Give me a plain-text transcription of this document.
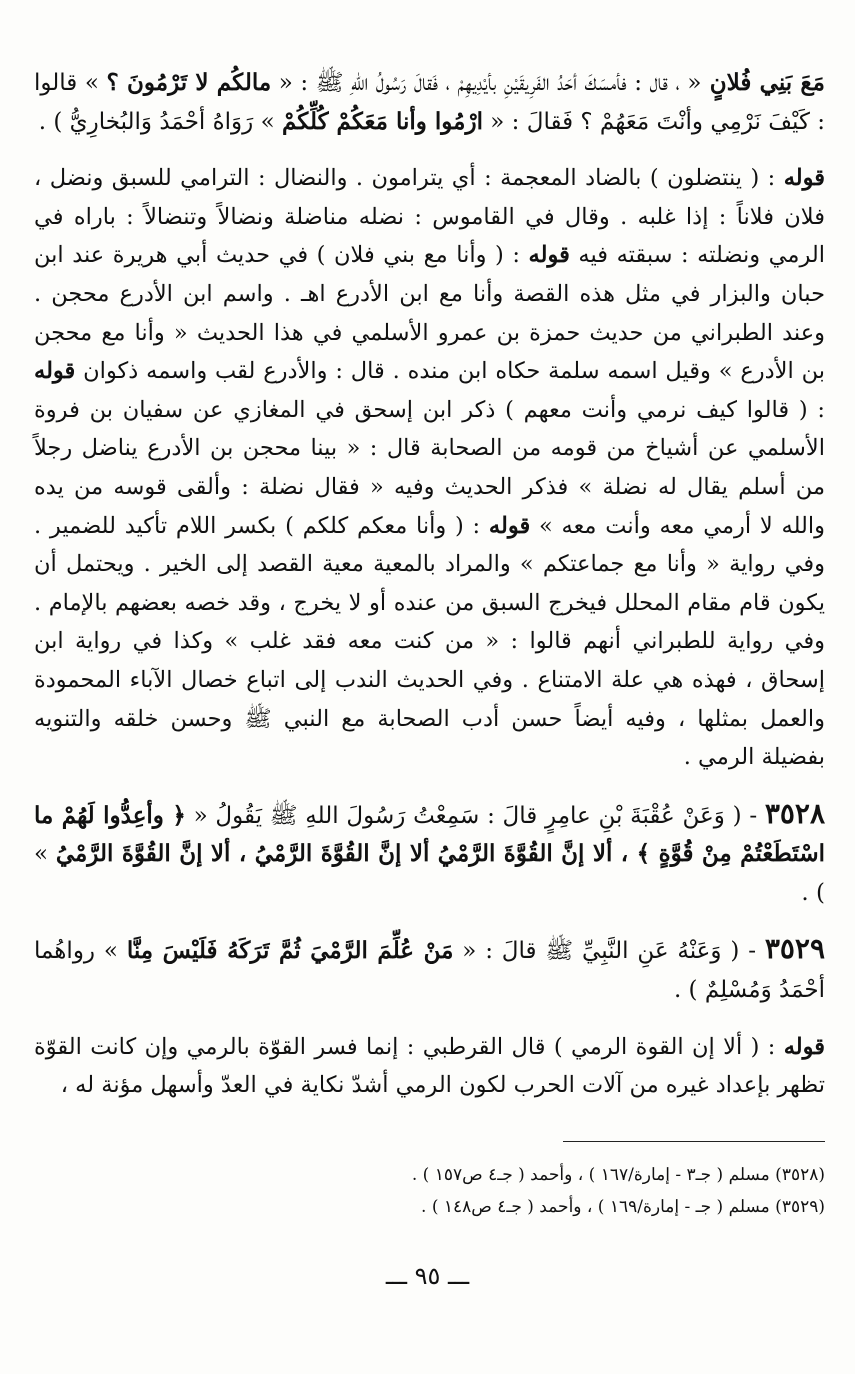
مَعَ بَنِي فُلانٍ « ، قال : فأمسَكَ أحَدُ الفَرِيقَيْنِ بأيْدِيهِمْ ، فَقالَ رَسُولُ اللهِ ﷺ : « مالكُم لا تَرْمُونَ ؟ » قالوا : كَيْفَ نَرْمِي وأنْتَ مَعَهُمْ ؟ فَقالَ : « ارْمُوا وأنا مَعَكُمْ كُلِّكُمْ » رَوَاهُ أحْمَدُ وَالبُخارِيُّ ) .

قوله : ( ينتضلون ) بالضاد المعجمة : أي يترامون . والنضال : الترامي للسبق ونضل ، فلان فلاناً : إذا غلبه . وقال في القاموس : نضله مناضلة ونضالاً وتنضالاً : باراه في الرمي ونضلته : سبقته فيه قوله : ( وأنا مع بني فلان ) في حديث أبي هريرة عند ابن حبان والبزار في مثل هذه القصة وأنا مع ابن الأدرع اهـ . واسم ابن الأدرع محجن . وعند الطبراني من حديث حمزة بن عمرو الأسلمي في هذا الحديث « وأنا مع محجن بن الأدرع » وقيل اسمه سلمة حكاه ابن منده . قال : والأدرع لقب واسمه ذكوان قوله : ( قالوا كيف نرمي وأنت معهم ) ذكر ابن إسحق في المغازي عن سفيان بن فروة الأسلمي عن أشياخ من قومه من الصحابة قال : « بينا محجن بن الأدرع يناضل رجلاً من أسلم يقال له نضلة » فذكر الحديث وفيه « فقال نضلة : وألقى قوسه من يده والله لا أرمي معه وأنت معه » قوله : ( وأنا معكم كلكم ) بكسر اللام تأكيد للضمير . وفي رواية « وأنا مع جماعتكم » والمراد بالمعية معية القصد إلى الخير . ويحتمل أن يكون قام مقام المحلل فيخرج السبق من عنده أو لا يخرج ، وقد خصه بعضهم بالإمام . وفي رواية للطبراني أنهم قالوا : « من كنت معه فقد غلب » وكذا في رواية ابن إسحاق ، فهذه هي علة الامتناع . وفي الحديث الندب إلى اتباع خصال الآباء المحمودة والعمل بمثلها ، وفيه أيضاً حسن أدب الصحابة مع النبي ﷺ وحسن خلقه والتنويه بفضيلة الرمي .

٣٥٢٨ - ( وَعَنْ عُقْبَةَ بْنِ عامِرٍ قالَ : سَمِعْتُ رَسُولَ اللهِ ﷺ يَقُولُ « ﴿ وأعِدُّوا لَهُمْ ما اسْتَطَعْتُمْ مِنْ قُوَّةٍ ﴾ ، ألا إنَّ القُوَّةَ الرَّمْيُ ألا إنَّ القُوَّةَ الرَّمْيُ ، ألا إنَّ القُوَّةَ الرَّمْيُ » ) .

٣٥٢٩ - ( وَعَنْهُ عَنِ النَّبِيِّ ﷺ قالَ : « مَنْ عُلِّمَ الرَّمْيَ ثُمَّ تَرَكَهُ فَلَيْسَ مِنَّا » رواهُما أحْمَدُ وَمُسْلِمٌ ) .

قوله : ( ألا إن القوة الرمي ) قال القرطبي : إنما فسر القوّة بالرمي وإن كانت القوّة تظهر بإعداد غيره من آلات الحرب لكون الرمي أشدّ نكاية في العدّ وأسهل مؤنة له ،

(٣٥٢٨) مسلم ( جـ٣ - إمارة/١٦٧ ) ، وأحمد ( جـ٤ ص١٥٧ ) .
(٣٥٢٩) مسلم ( جـ - إمارة/١٦٩ ) ، وأحمد ( جـ٤ ص١٤٨ ) .
ـــ ٩٥ ـــ
